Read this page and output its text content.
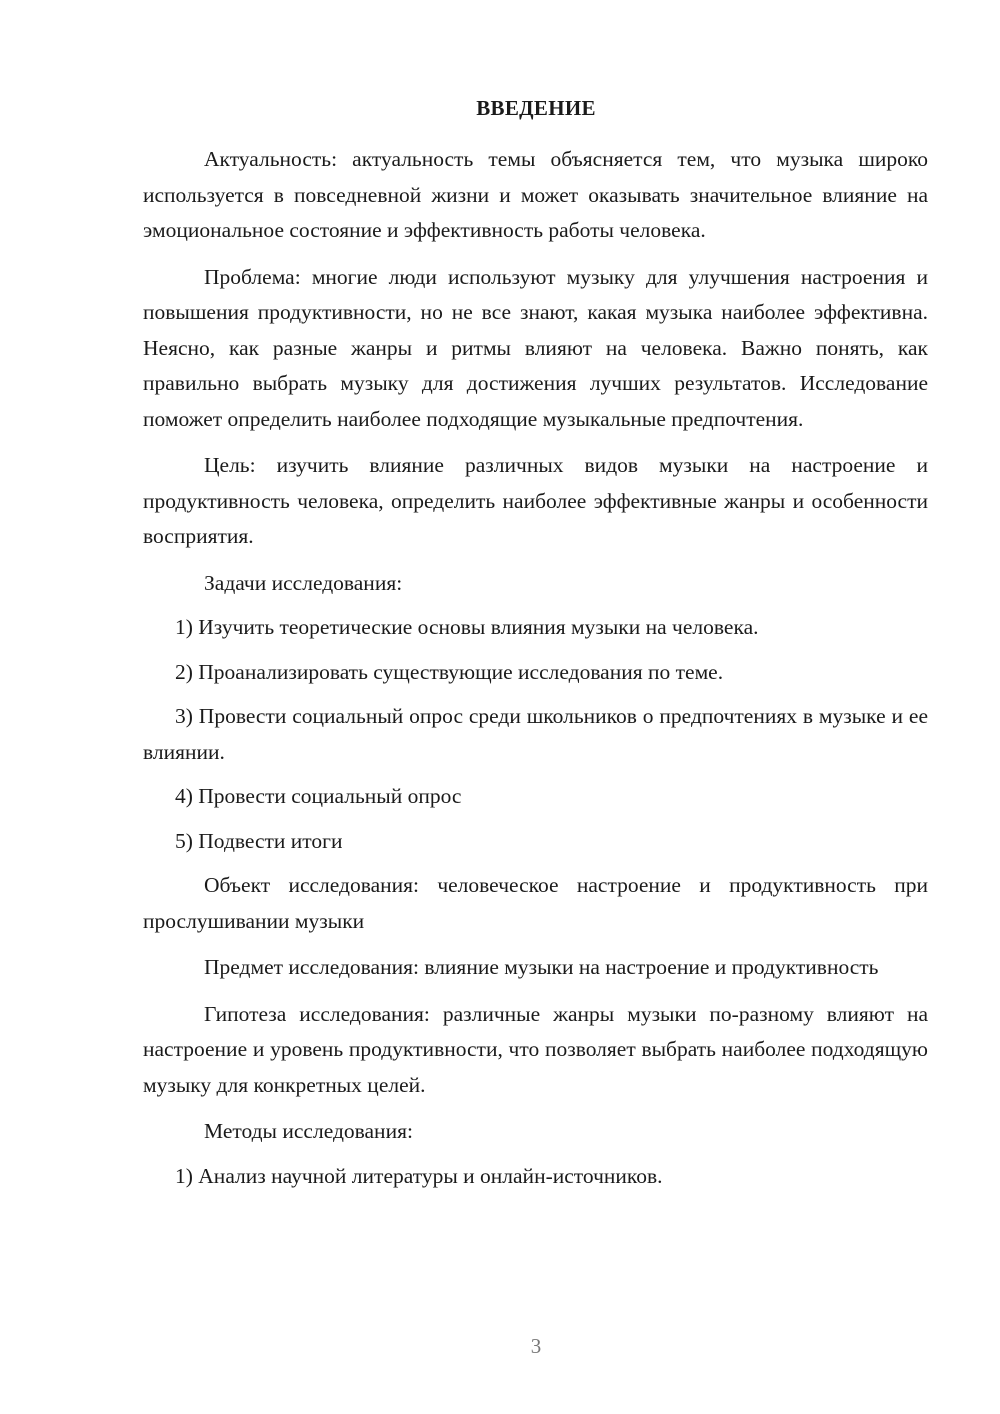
ВВЕДЕНИЕ

Актуальность: актуальность темы объясняется тем, что музыка широко используется в повседневной жизни и может оказывать значительное влияние на эмоциональное состояние и эффективность работы человека.

Проблема: многие люди используют музыку для улучшения настроения и повышения продуктивности, но не все знают, какая музыка наиболее эффективна. Неясно, как разные жанры и ритмы влияют на человека. Важно понять, как правильно выбрать музыку для достижения лучших результатов. Исследование поможет определить наиболее подходящие музыкальные предпочтения.

Цель: изучить влияние различных видов музыки на настроение и продуктивность человека, определить наиболее эффективные жанры и особенности восприятия.

Задачи исследования:

1) Изучить теоретические основы влияния музыки на человека.

2) Проанализировать существующие исследования по теме.

3) Провести социальный опрос среди школьников о предпочтениях в музыке и ее влиянии.

4) Провести социальный опрос

5) Подвести итоги

Объект исследования: человеческое настроение и продуктивность при прослушивании музыки

Предмет исследования: влияние музыки на настроение и продуктивность

Гипотеза исследования: различные жанры музыки по-разному влияют на настроение и уровень продуктивности, что позволяет выбрать наиболее подходящую музыку для конкретных целей.

Методы исследования:

1) Анализ научной литературы и онлайн-источников.

3
